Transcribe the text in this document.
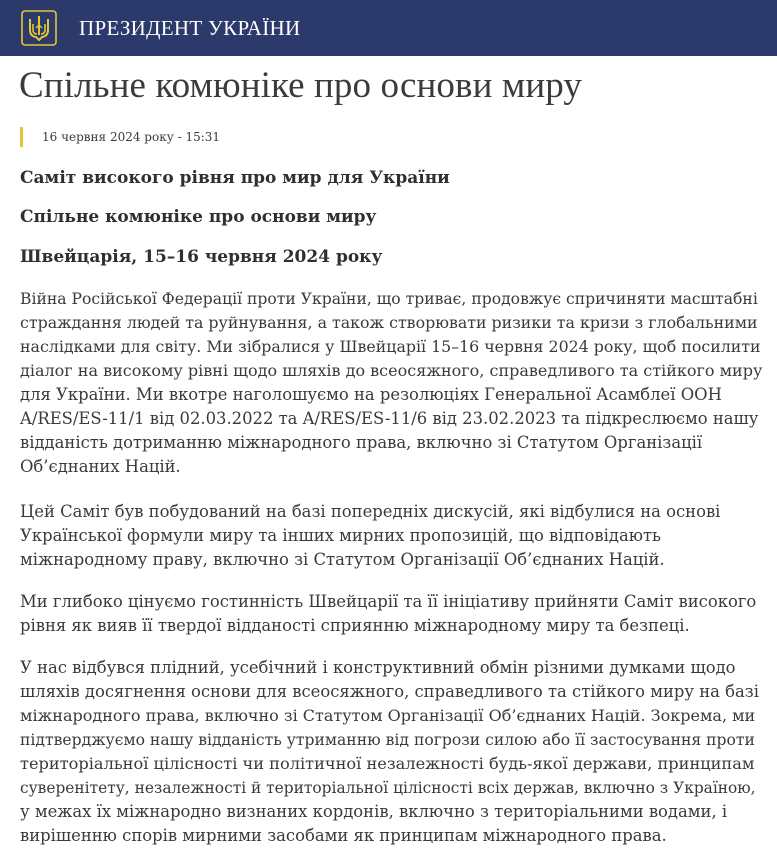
ПРЕЗИДЕНТ УКРАЇНИ
Спільне комюніке про основи миру
16 червня 2024 року - 15:31
Саміт високого рівня про мир для України
Спільне комюніке про основи миру
Швейцарія, 15–16 червня 2024 року

Війна Російської Федерації проти України, що триває, продовжує спричиняти масштабні
страждання людей та руйнування, а також створювати ризики та кризи з глобальними
наслідками для світу. Ми зібралися у Швейцарії 15–16 червня 2024 року, щоб посилити
діалог на високому рівні щодо шляхів до всеосяжного, справедливого та стійкого миру
для України. Ми вкотре наголошуємо на резолюціях Генеральної Асамблеї ООН
A/RES/ES-11/1 від 02.03.2022 та A/RES/ES-11/6 від 23.02.2023 та підкреслюємо нашу
відданість дотриманню міжнародного права, включно зі Статутом Організації
Об’єднаних Націй.

Цей Саміт був побудований на базі попередніх дискусій, які відбулися на основі
Української формули миру та інших мирних пропозицій, що відповідають
міжнародному праву, включно зі Статутом Організації Об’єднаних Націй.

Ми глибоко цінуємо гостинність Швейцарії та її ініціативу прийняти Саміт високого
рівня як вияв її твердої відданості сприянню міжнародному миру та безпеці.

У нас відбувся плідний, усебічний і конструктивний обмін різними думками щодо
шляхів досягнення основи для всеосяжного, справедливого та стійкого миру на базі
міжнародного права, включно зі Статутом Організації Об’єднаних Націй. Зокрема, ми
підтверджуємо нашу відданість утриманню від погрози силою або її застосування проти
територіальної цілісності чи політичної незалежності будь-якої держави, принципам
суверенітету, незалежності й територіальної цілісності всіх держав, включно з Україною,
у межах їх міжнародно визнаних кордонів, включно з територіальними водами, і
вирішенню спорів мирними засобами як принципам міжнародного права.
